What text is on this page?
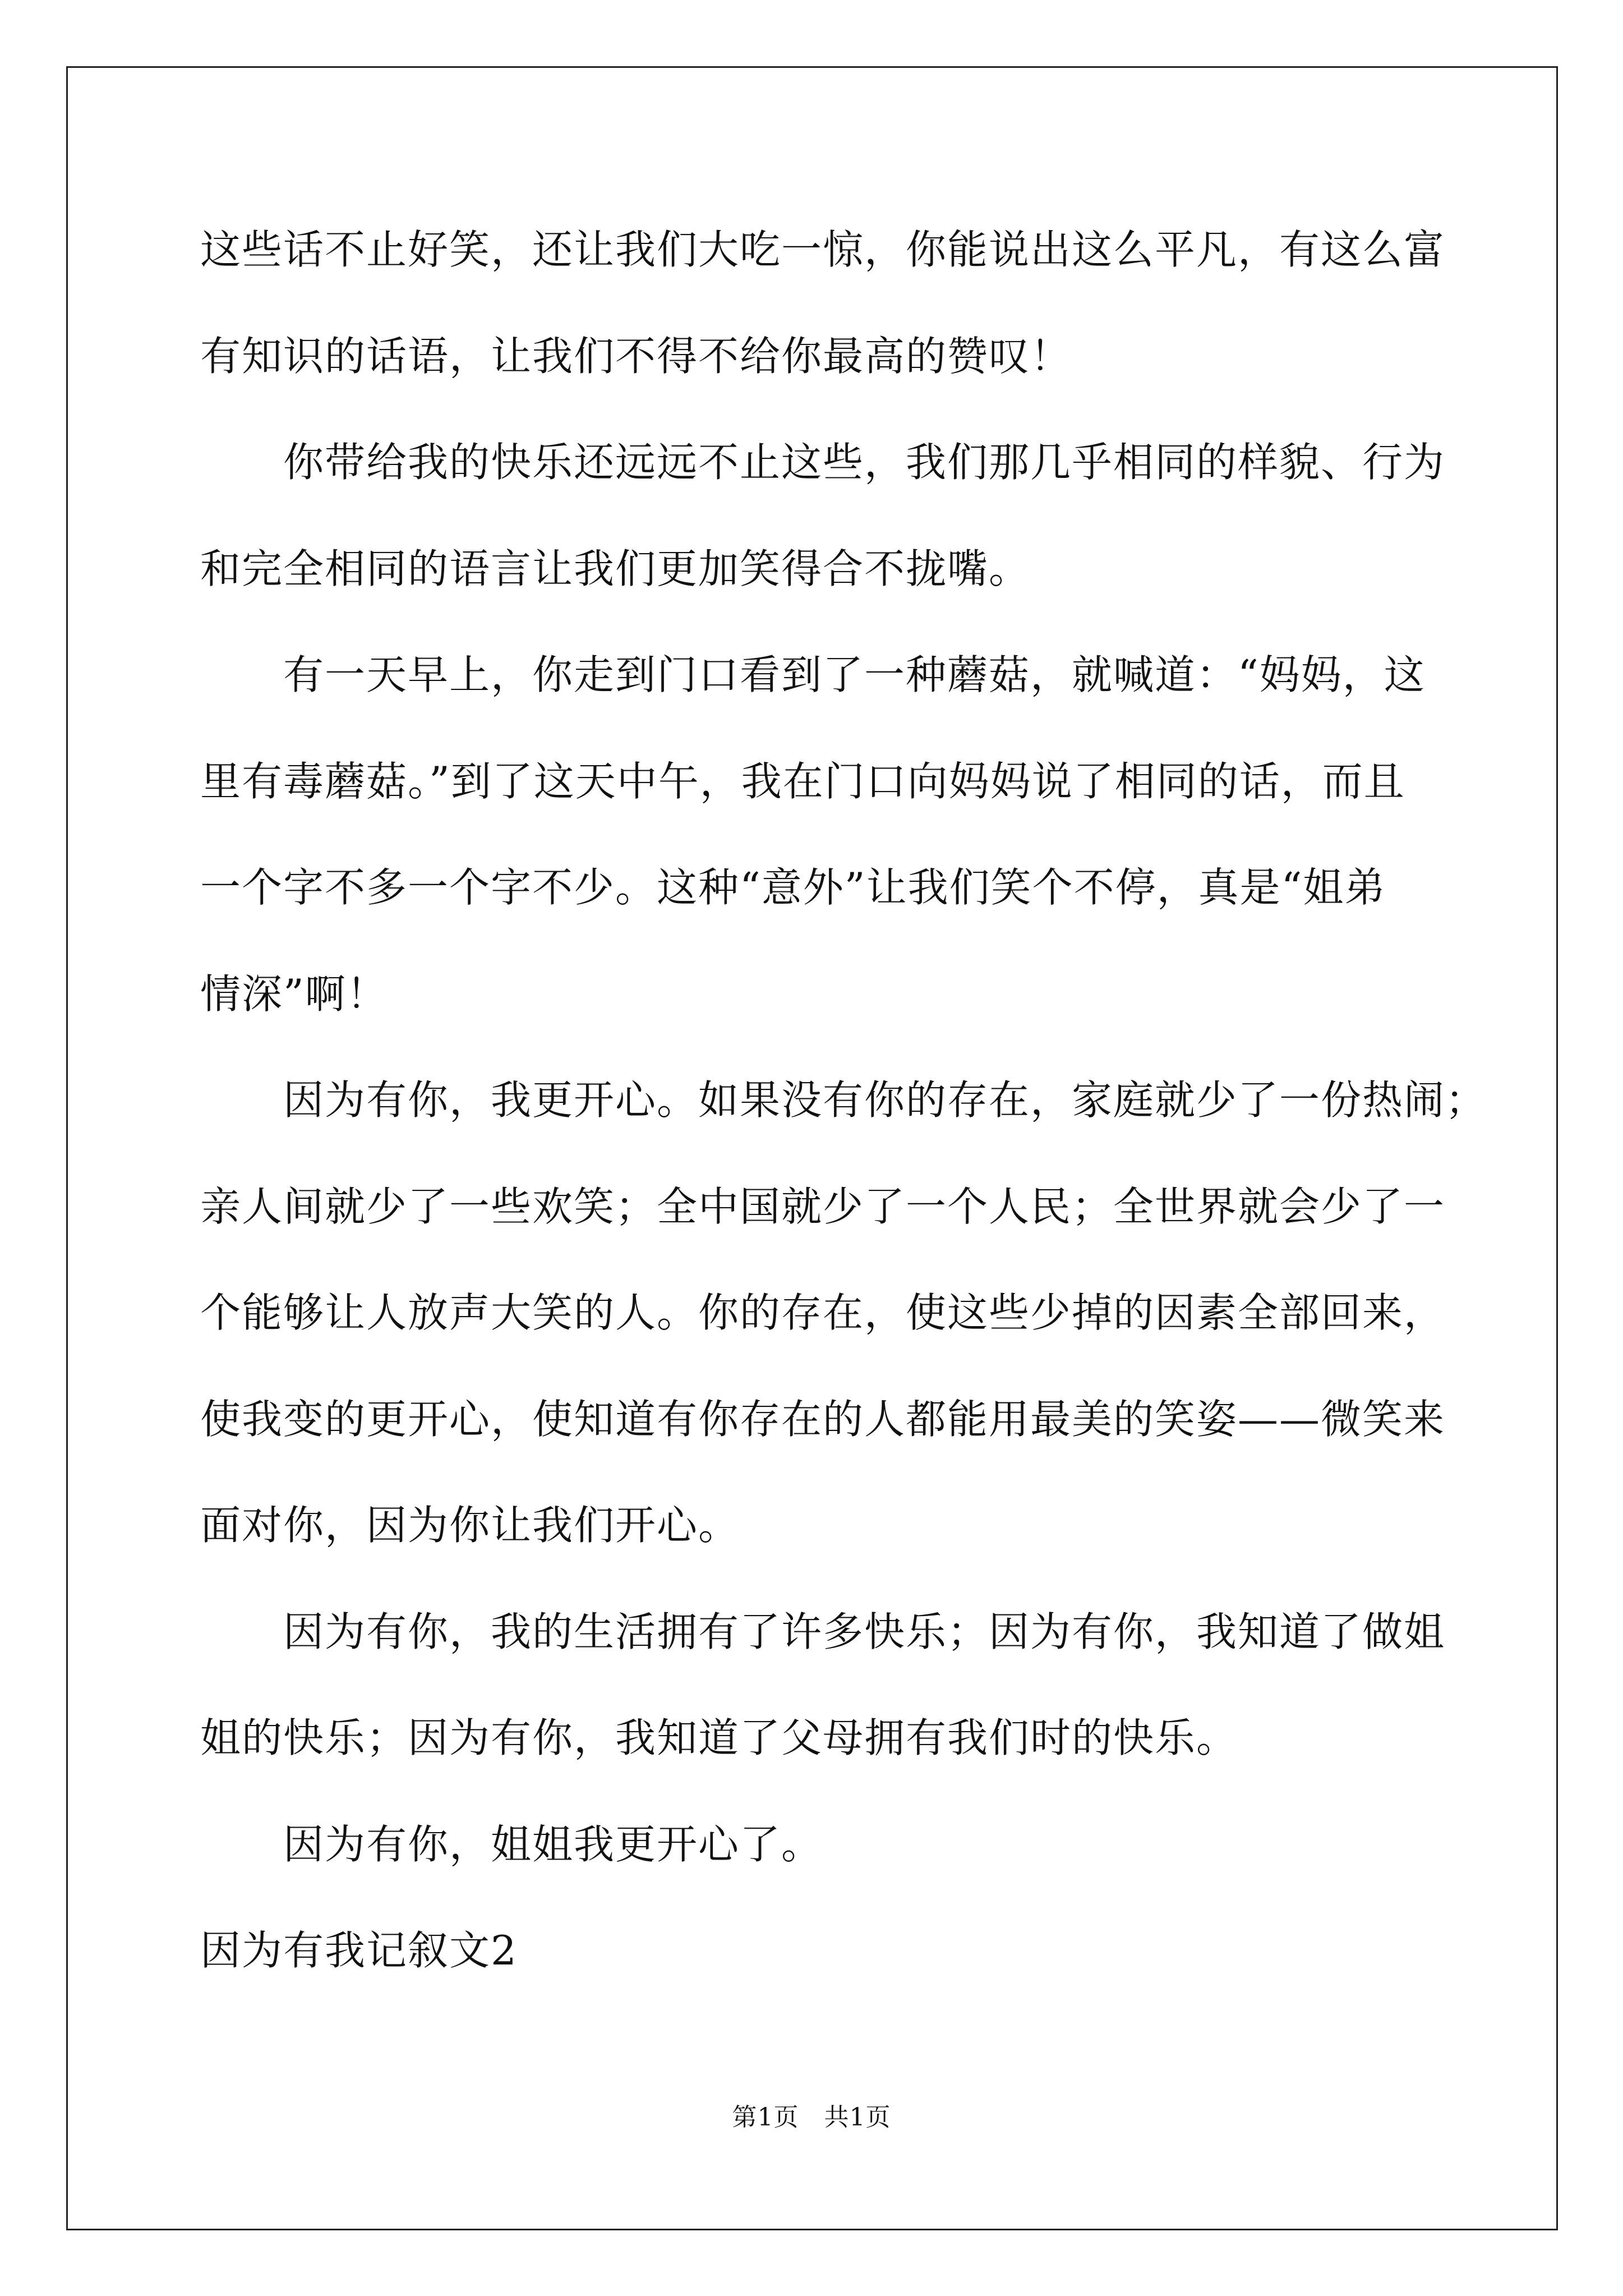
这些话不止好笑，还让我们大吃一惊，你能说出这么平凡，有这么富
有知识的话语，让我们不得不给你最高的赞叹！
你带给我的快乐还远远不止这些，我们那几乎相同的样貌、行为
和完全相同的语言让我们更加笑得合不拢嘴。
有一天早上，你走到门口看到了一种蘑菇，就喊道：“妈妈，这
里有毒蘑菇。”到了这天中午，我在门口向妈妈说了相同的话，而且
一个字不多一个字不少。这种“意外”让我们笑个不停，真是“姐弟
情深”啊！
因为有你，我更开心。如果没有你的存在，家庭就少了一份热闹；
亲人间就少了一些欢笑；全中国就少了一个人民；全世界就会少了一
个能够让人放声大笑的人。你的存在，使这些少掉的因素全部回来，
使我变的更开心，使知道有你存在的人都能用最美的笑姿——微笑来
面对你，因为你让我们开心。
因为有你，我的生活拥有了许多快乐；因为有你，我知道了做姐
姐的快乐；因为有你，我知道了父母拥有我们时的快乐。
因为有你，姐姐我更开心了。
因为有我记叙文2
第1页   共1页
